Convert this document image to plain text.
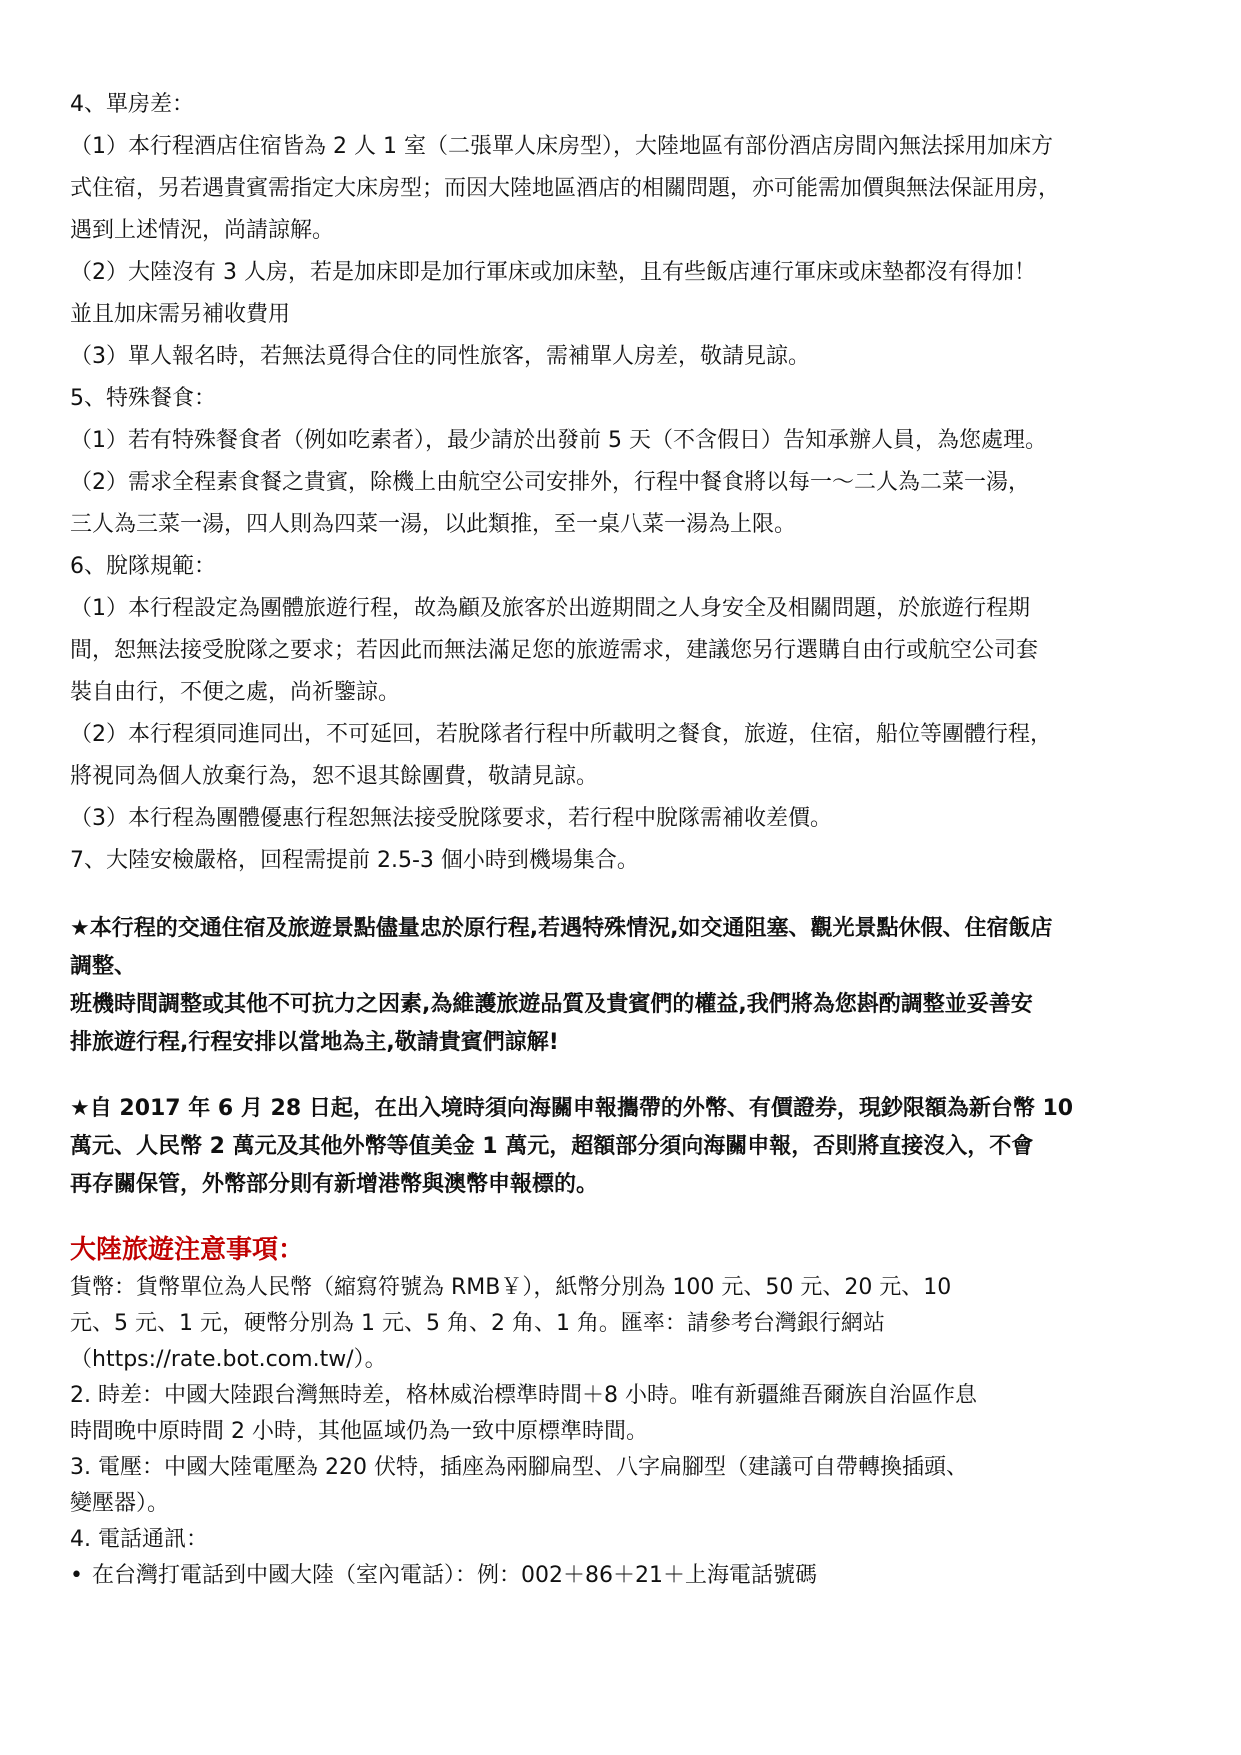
4、單房差：
（1）本行程酒店住宿皆為 2 人 1 室（二張單人床房型），大陸地區有部份酒店房間內無法採用加床方
式住宿，另若遇貴賓需指定大床房型；而因大陸地區酒店的相關問題，亦可能需加價與無法保証用房，
遇到上述情況，尚請諒解。
（2）大陸沒有 3 人房，若是加床即是加行軍床或加床墊，且有些飯店連行軍床或床墊都沒有得加！
並且加床需另補收費用
（3）單人報名時，若無法覓得合住的同性旅客，需補單人房差，敬請見諒。
5、特殊餐食：
（1）若有特殊餐食者（例如吃素者），最少請於出發前 5 天（不含假日）告知承辦人員，為您處理。
（2）需求全程素食餐之貴賓，除機上由航空公司安排外，行程中餐食將以每一～二人為二菜一湯，
三人為三菜一湯，四人則為四菜一湯，以此類推，至一桌八菜一湯為上限。
6、脫隊規範：
（1）本行程設定為團體旅遊行程，故為顧及旅客於出遊期間之人身安全及相關問題，於旅遊行程期
間，恕無法接受脫隊之要求；若因此而無法滿足您的旅遊需求，建議您另行選購自由行或航空公司套
裝自由行，不便之處，尚祈鑒諒。
（2）本行程須同進同出，不可延回，若脫隊者行程中所載明之餐食，旅遊，住宿，船位等團體行程，
將視同為個人放棄行為，恕不退其餘團費，敬請見諒。
（3）本行程為團體優惠行程恕無法接受脫隊要求，若行程中脫隊需補收差價。
7、大陸安檢嚴格，回程需提前 2.5-3 個小時到機場集合。
★本行程的交通住宿及旅遊景點儘量忠於原行程,若遇特殊情況,如交通阻塞、觀光景點休假、住宿飯店
調整、
班機時間調整或其他不可抗力之因素,為維護旅遊品質及貴賓們的權益,我們將為您斟酌調整並妥善安
排旅遊行程,行程安排以當地為主,敬請貴賓們諒解!
★自 2017 年 6 月 28 日起，在出入境時須向海關申報攜帶的外幣、有價證券，現鈔限額為新台幣 10
萬元、人民幣 2 萬元及其他外幣等值美金 1 萬元，超額部分須向海關申報，否則將直接沒入，不會
再存關保管，外幣部分則有新增港幣與澳幣申報標的。
大陸旅遊注意事項：
貨幣：貨幣單位為人民幣（縮寫符號為 RMB￥），紙幣分別為 100 元、50 元、20 元、10
元、5 元、1 元，硬幣分別為 1 元、5 角、2 角、1 角。匯率：請參考台灣銀行網站
（https://rate.bot.com.tw/）。
2. 時差：中國大陸跟台灣無時差，格林威治標準時間＋8 小時。唯有新疆維吾爾族自治區作息
時間晚中原時間 2 小時，其他區域仍為一致中原標準時間。
3. 電壓：中國大陸電壓為 220 伏特，插座為兩腳扁型、八字扁腳型（建議可自帶轉換插頭、
變壓器）。
4. 電話通訊：
• 在台灣打電話到中國大陸（室內電話）：例：002＋86＋21＋上海電話號碼
